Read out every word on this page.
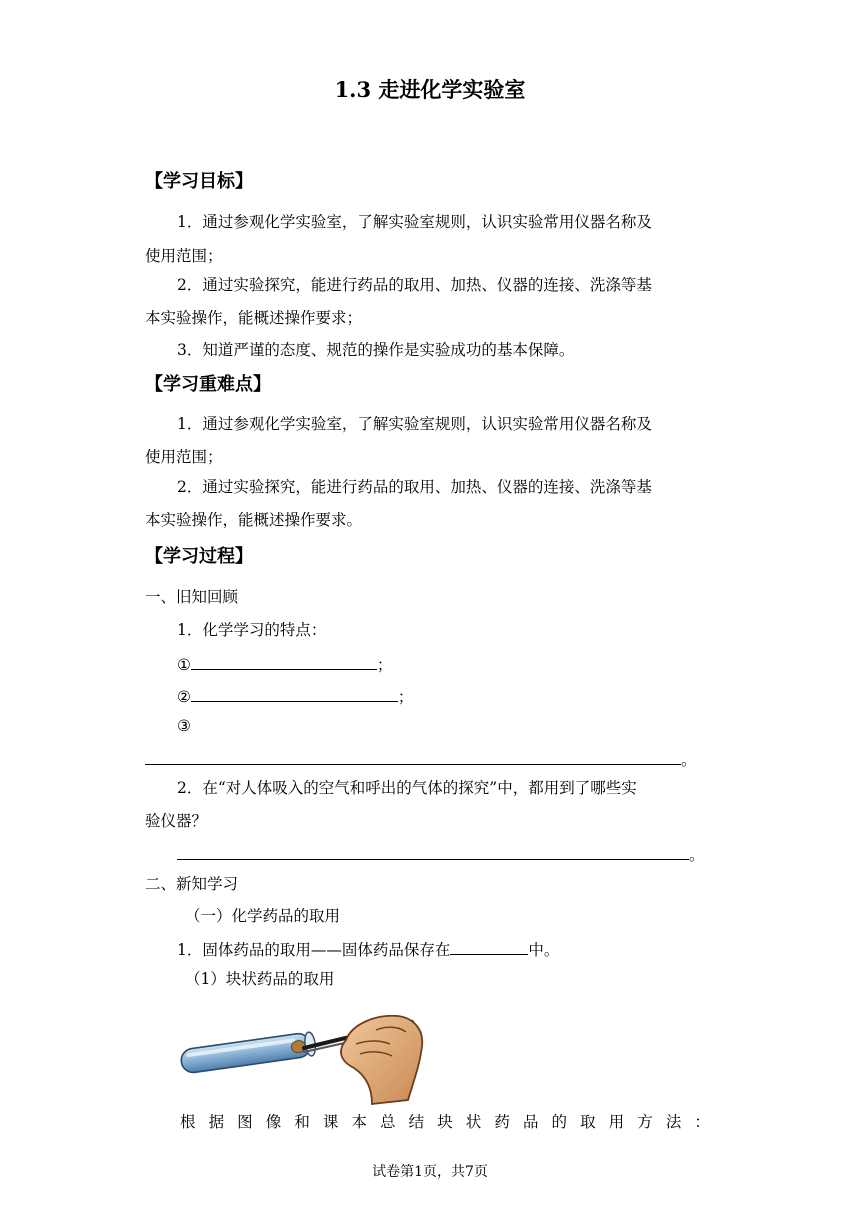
1.3 走进化学实验室
【学习目标】
1．通过参观化学实验室，了解实验室规则，认识实验常用仪器名称及
使用范围；
2．通过实验探究，能进行药品的取用、加热、仪器的连接、洗涤等基
本实验操作，能概述操作要求；
3．知道严谨的态度、规范的操作是实验成功的基本保障。
【学习重难点】
1．通过参观化学实验室，了解实验室规则，认识实验常用仪器名称及
使用范围；
2．通过实验探究，能进行药品的取用、加热、仪器的连接、洗涤等基
本实验操作，能概述操作要求。
【学习过程】
一、旧知回顾
1．化学学习的特点：
①	；
②	；
③
。
2．在“对人体吸入的空气和呼出的气体的探究”中，都用到了哪些实
验仪器？
。
二、新知学习
（一）化学药品的取用
1．固体药品的取用——固体药品保存在	中。
（1）块状药品的取用
根 据 图 像 和 课 本 总 结 块 状 药 品 的 取 用 方 法 ：
试卷第1页，共7页
